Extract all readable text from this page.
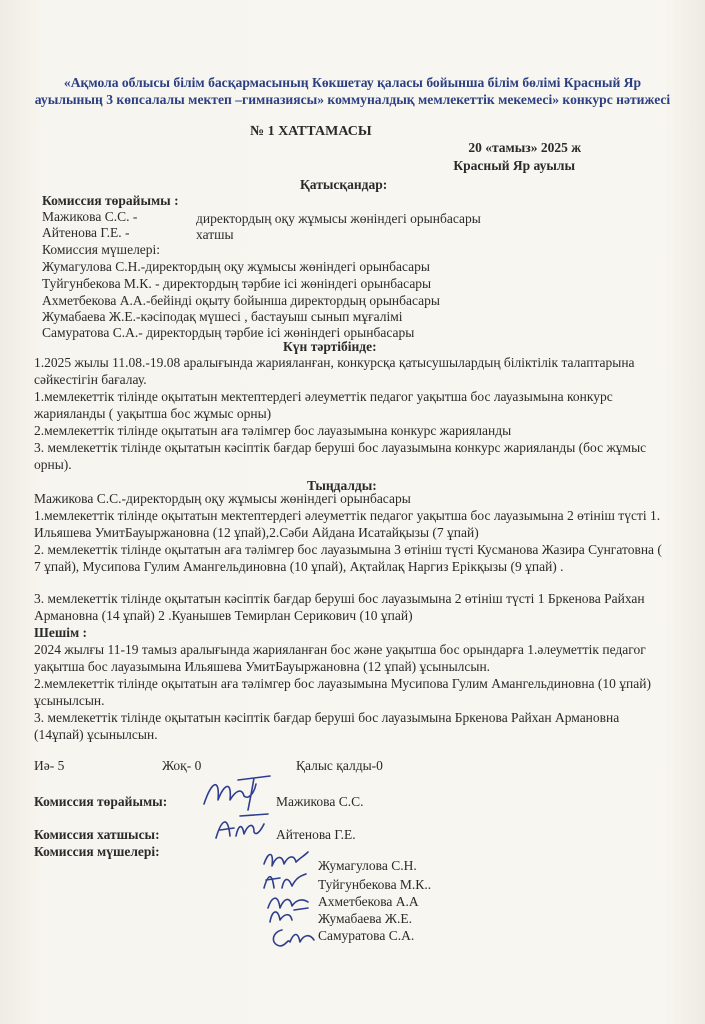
«Ақмола облысы білім басқармасының Көкшетау қаласы бойынша білім бөлімі Красный Яр ауылының 3 көпсалалы мектеп –гимназиясы» коммуналдық мемлекеттік мекемесі» конкурс нәтижесі
№ 1 ХАТТАМАСЫ
20 «тамыз» 2025 ж
Красный Яр ауылы
Қатысқандар:
Комиссия төрайымы :
Мажикова С.С. -	директордың оқу жұмысы жөніндегі орынбасары
Айтенова Г.Е. -	хатшы
Комиссия мүшелері:
Жумагулова С.Н.-директордың оқу жұмысы жөніндегі орынбасары
Туйгунбекова М.К. - директордың тәрбие ісі жөніндегі орынбасары
Ахметбекова А.А.-бейінді оқыту бойынша директордың орынбасары
Жумабаева Ж.Е.-кәсіподақ мүшесі , бастауыш сынып мұғалімі
Самуратова С.А.- директордың тәрбие ісі жөніндегі орынбасары
Күн тәртібінде:
1.2025 жылы 11.08.-19.08 аралығында жарияланған, конкурсқа қатысушылардың біліктілік талаптарына сәйкестігін бағалау.
1.мемлекеттік тілінде оқытатын мектептердегі әлеуметтік педагог уақытша бос лауазымына конкурс жарияланды ( уақытша бос жұмыс орны)
2.мемлекеттік тілінде оқытатын аға тәлімгер бос лауазымына конкурс жарияланды
3. мемлекеттік тілінде оқытатын кәсіптік бағдар беруші бос лауазымына конкурс жарияланды (бос жұмыс орны).
Тыңдалды:
Мажикова С.С.-директордың оқу жұмысы жөніндегі орынбасары
1.мемлекеттік тілінде оқытатын мектептердегі әлеуметтік педагог уақытша бос лауазымына 2 өтініш түсті 1. Ильяшева УмитБауыржановна (12 ұпай),2.Сәби Айдана Исатайқызы (7 ұпай)
2. мемлекеттік тілінде оқытатын аға тәлімгер бос лауазымына 3 өтініш түсті Кусманова Жазира Сунгатовна ( 7 ұпай), Мусипова Гулим Амангельдиновна (10 ұпай), Ақтайлақ Наргиз Ерікқызы (9 ұпай) .
3. мемлекеттік тілінде оқытатын кәсіптік бағдар беруші бос лауазымына 2 өтініш түсті 1 Бркенова Райхан Армановна (14 ұпай) 2 .Куанышев Темирлан Серикович (10 ұпай)
Шешім :
2024 жылғы 11-19 тамыз аралығында жарияланған бос және уақытша бос орындарға 1.әлеуметтік педагог уақытша бос лауазымына Ильяшева УмитБауыржановна (12 ұпай) ұсынылсын.
2.мемлекеттік тілінде оқытатын аға тәлімгер бос лауазымына Мусипова Гулим Амангельдиновна (10 ұпай) ұсынылсын.
3. мемлекеттік тілінде оқытатын кәсіптік бағдар беруші бос лауазымына Бркенова Райхан Армановна (14ұпай) ұсынылсын.
Иә- 5	Жоқ- 0	Қалыс қалды-0
Комиссия төрайымы:	Мажикова С.С.
Комиссия хатшысы:	Айтенова Г.Е.
Комиссия мүшелері:
Жумагулова С.Н.
Туйгунбекова М.К..
Ахметбекова А.А
Жумабаева Ж.Е.
Самуратова С.А.
